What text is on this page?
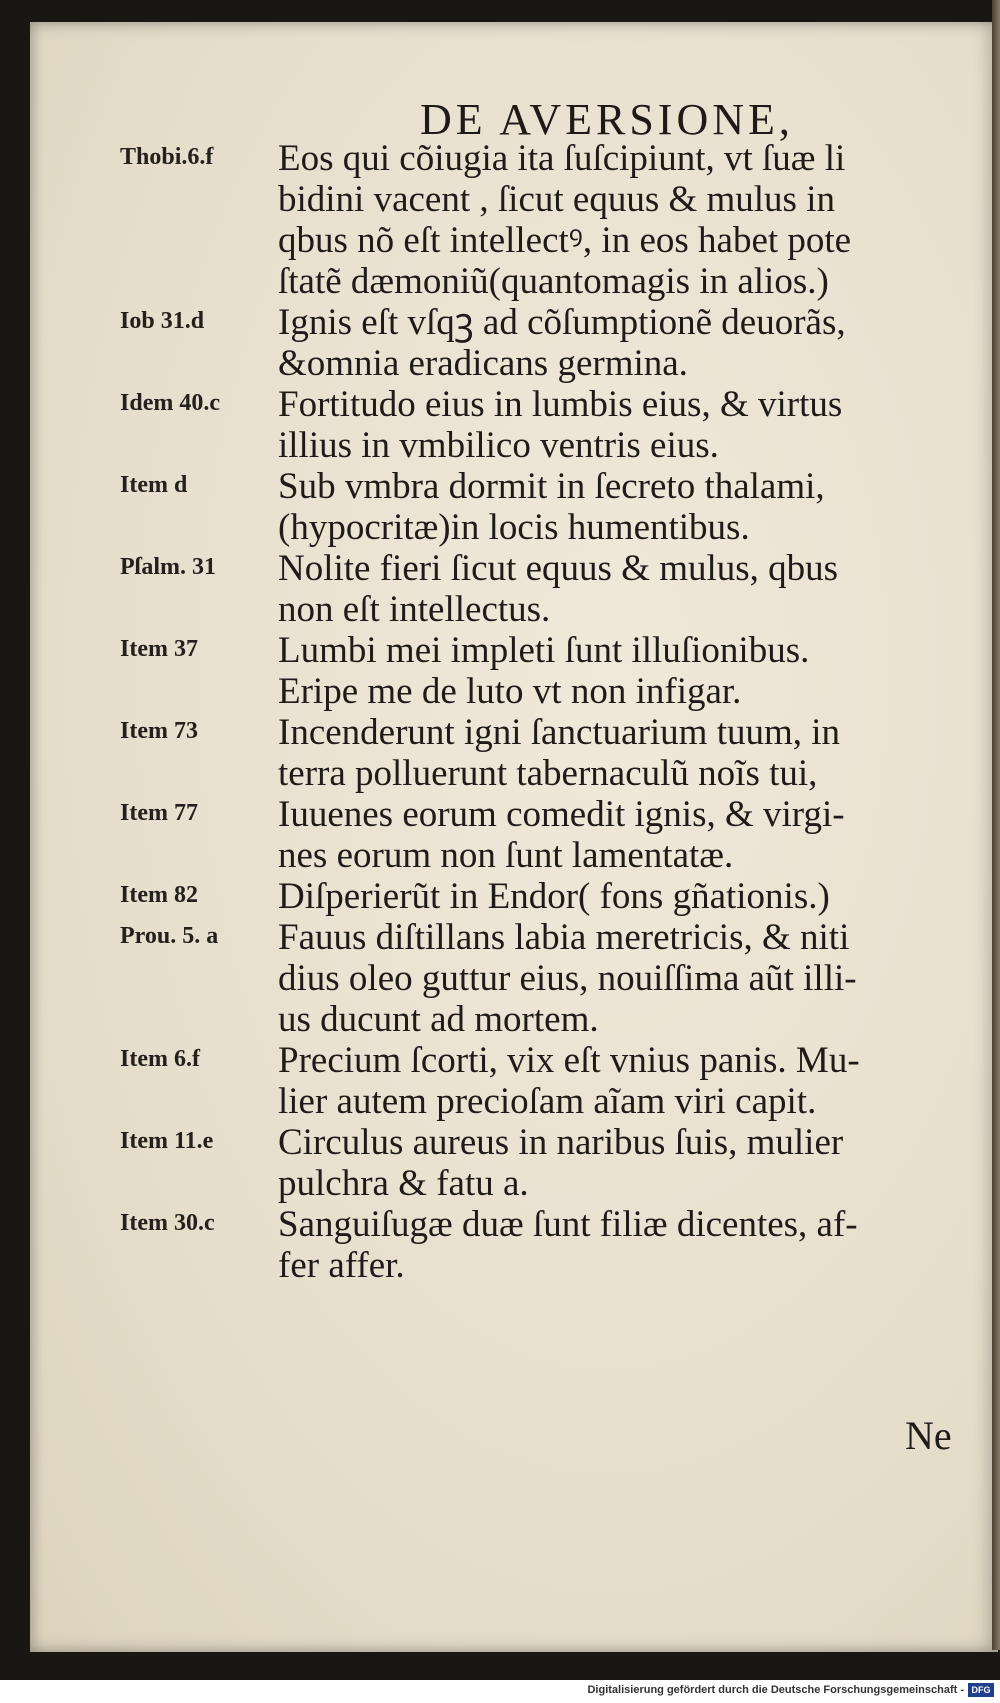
DE AVERSIONE,
Thobi.6.f	Eos qui cõiugia ita ſuſcipiunt, vt ſuæ li
bidini vacent , ſicut equus & mulus in
qbus nõ eſt intellectꝰ, in eos habet pote
ſtatẽ dæmoniũ(quantomagis in alios.)
Iob 31.d	Ignis eſt vſqꝫ ad cõſumptionẽ deuorãs,
&omnia eradicans germina.
Idem 40.c	Fortitudo eius in lumbis eius, & virtus
illius in vmbilico ventris eius.
Item d	Sub vmbra dormit in ſecreto thalami,
(hypocritæ)in locis humentibus.
Pſalm. 31	Nolite fieri ſicut equus & mulus, qbus
non eſt intellectus.
Item 37	Lumbi mei impleti ſunt illuſionibus.
Eripe me de luto vt non infigar.
Item 73	Incenderunt igni ſanctuarium tuum, in
terra polluerunt tabernaculũ noĩs tui,
Item 77	Iuuenes eorum comedit ignis, & virgi-
nes eorum non ſunt lamentatæ.
Item 82	Diſperierũt in Endor( fons gñationis.)
Prou. 5. a	Fauus diſtillans labia meretricis, & niti
dius oleo guttur eius, nouiſſima aũt illi-
us ducunt ad mortem.
Item 6.f	Precium ſcorti, vix eſt vnius panis. Mu-
lier autem precioſam aĩam viri capit.
Item 11.e	Circulus aureus in naribus ſuis, mulier
pulchra & fatu a.
Item 30.c	Sanguiſugæ duæ ſunt filiæ dicentes, af-
fer affer.
Ne
Digitalisierung gefördert durch die Deutsche Forschungsgemeinschaft - DFG
